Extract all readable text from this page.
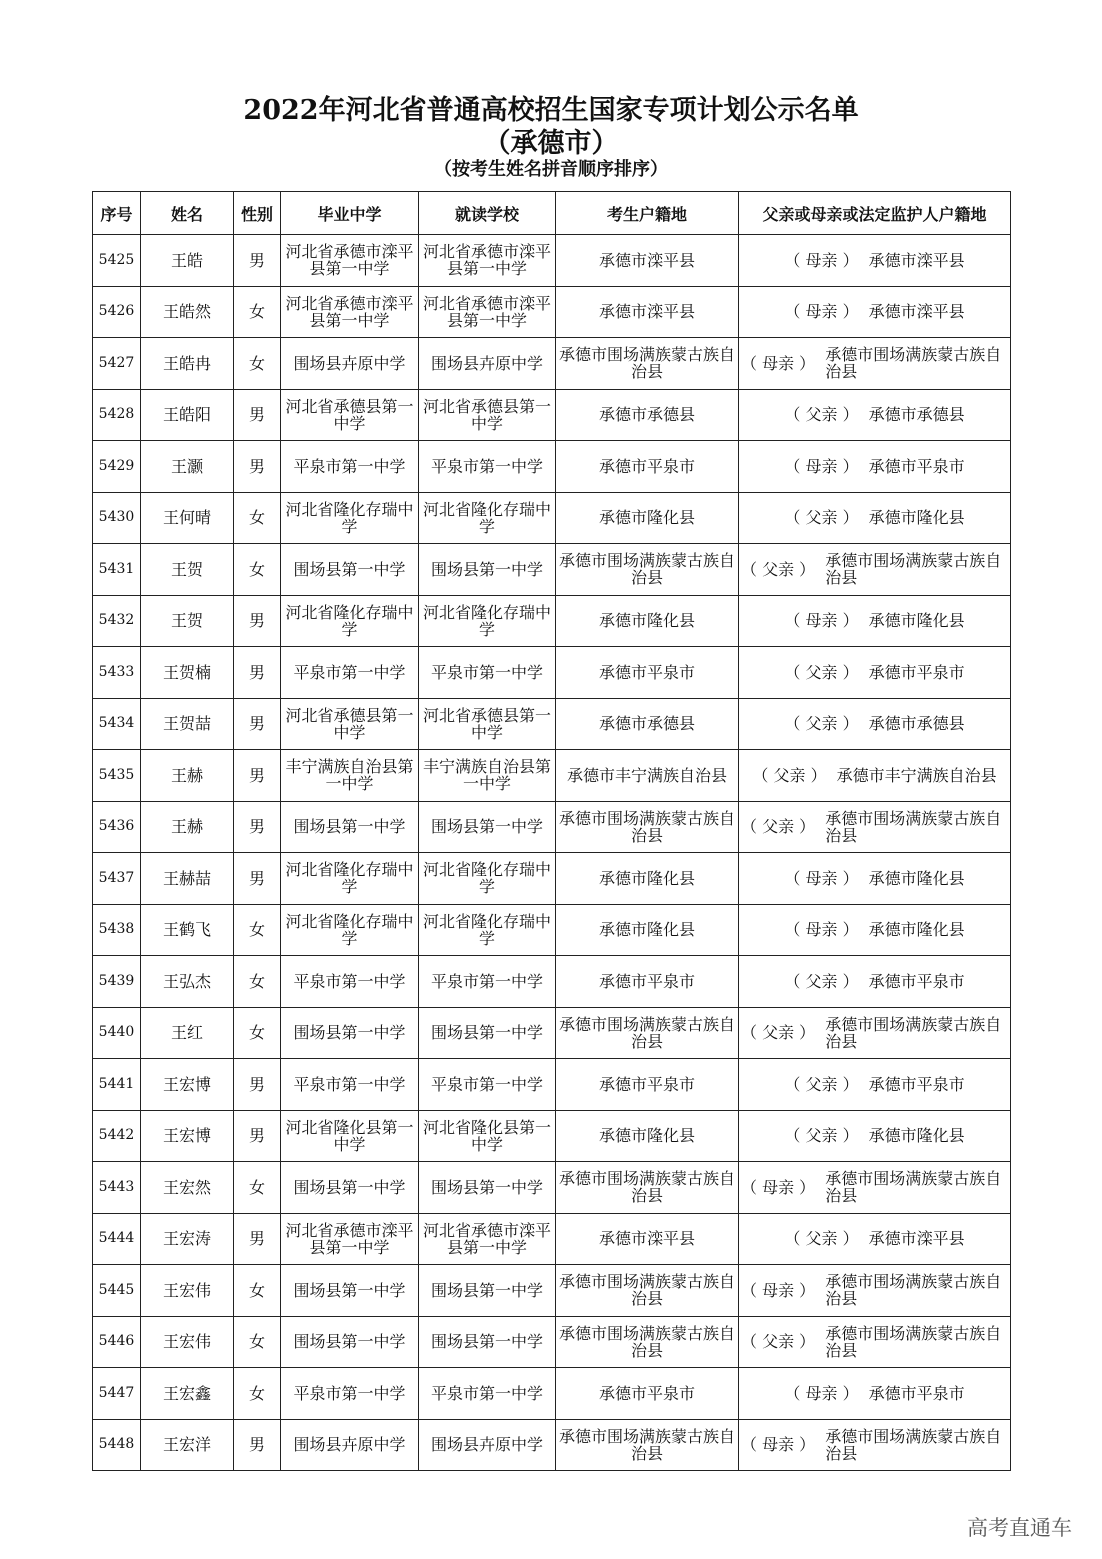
2022年河北省普通高校招生国家专项计划公示名单
（承德市）
（按考生姓名拼音顺序排序）
序号	姓名	性别	毕业中学	就读学校	考生户籍地	父亲或母亲或法定监护人户籍地
5425	王皓	男	河北省承德市滦平县第一中学	河北省承德市滦平县第一中学	承德市滦平县	（ 母亲 ） 承德市滦平县

5426	王皓然	女	河北省承德市滦平县第一中学	河北省承德市滦平县第一中学	承德市滦平县	（ 母亲 ） 承德市滦平县

5427	王皓冉	女	围场县卉原中学	围场县卉原中学	承德市围场满族蒙古族自治县	（ 母亲 ） 承德市围场满族蒙古族自治县

5428	王皓阳	男	河北省承德县第一中学	河北省承德县第一中学	承德市承德县	（ 父亲 ） 承德市承德县

5429	王灏	男	平泉市第一中学	平泉市第一中学	承德市平泉市	（ 母亲 ） 承德市平泉市

5430	王何晴	女	河北省隆化存瑞中学	河北省隆化存瑞中学	承德市隆化县	（ 父亲 ） 承德市隆化县

5431	王贺	女	围场县第一中学	围场县第一中学	承德市围场满族蒙古族自治县	（ 父亲 ） 承德市围场满族蒙古族自治县

5432	王贺	男	河北省隆化存瑞中学	河北省隆化存瑞中学	承德市隆化县	（ 母亲 ） 承德市隆化县

5433	王贺楠	男	平泉市第一中学	平泉市第一中学	承德市平泉市	（ 父亲 ） 承德市平泉市

5434	王贺喆	男	河北省承德县第一中学	河北省承德县第一中学	承德市承德县	（ 父亲 ） 承德市承德县

5435	王赫	男	丰宁满族自治县第一中学	丰宁满族自治县第一中学	承德市丰宁满族自治县	（ 父亲 ） 承德市丰宁满族自治县

5436	王赫	男	围场县第一中学	围场县第一中学	承德市围场满族蒙古族自治县	（ 父亲 ） 承德市围场满族蒙古族自治县

5437	王赫喆	男	河北省隆化存瑞中学	河北省隆化存瑞中学	承德市隆化县	（ 母亲 ） 承德市隆化县

5438	王鹤飞	女	河北省隆化存瑞中学	河北省隆化存瑞中学	承德市隆化县	（ 母亲 ） 承德市隆化县

5439	王弘杰	女	平泉市第一中学	平泉市第一中学	承德市平泉市	（ 父亲 ） 承德市平泉市

5440	王红	女	围场县第一中学	围场县第一中学	承德市围场满族蒙古族自治县	（ 父亲 ） 承德市围场满族蒙古族自治县

5441	王宏博	男	平泉市第一中学	平泉市第一中学	承德市平泉市	（ 父亲 ） 承德市平泉市

5442	王宏博	男	河北省隆化县第一中学	河北省隆化县第一中学	承德市隆化县	（ 父亲 ） 承德市隆化县

5443	王宏然	女	围场县第一中学	围场县第一中学	承德市围场满族蒙古族自治县	（ 母亲 ） 承德市围场满族蒙古族自治县

5444	王宏涛	男	河北省承德市滦平县第一中学	河北省承德市滦平县第一中学	承德市滦平县	（ 父亲 ） 承德市滦平县

5445	王宏伟	女	围场县第一中学	围场县第一中学	承德市围场满族蒙古族自治县	（ 母亲 ） 承德市围场满族蒙古族自治县

5446	王宏伟	女	围场县第一中学	围场县第一中学	承德市围场满族蒙古族自治县	（ 父亲 ） 承德市围场满族蒙古族自治县

5447	王宏鑫	女	平泉市第一中学	平泉市第一中学	承德市平泉市	（ 母亲 ） 承德市平泉市

5448	王宏洋	男	围场县卉原中学	围场县卉原中学	承德市围场满族蒙古族自治县	（ 母亲 ） 承德市围场满族蒙古族自治县
高考直通车
